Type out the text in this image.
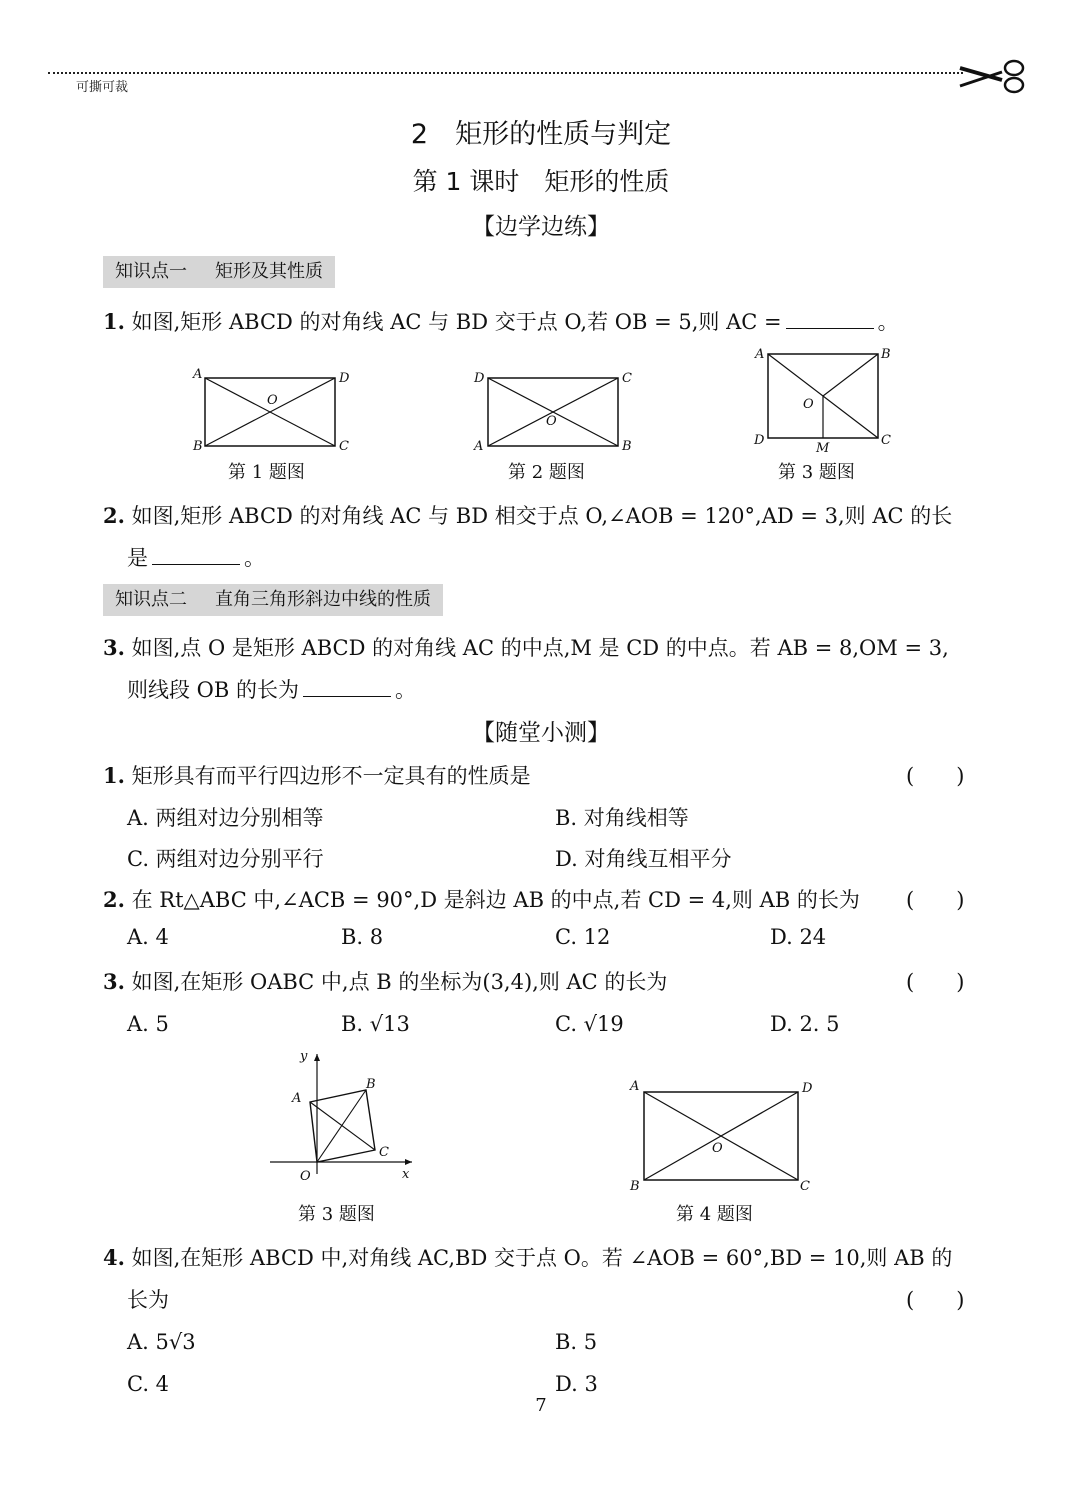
可撕可裁
2　矩形的性质与判定
第 1 课时　矩形的性质
【边学边练】
知识点一 矩形及其性质
1. 如图,矩形 ABCD 的对角线 AC 与 BD 交于点 O,若 OB = 5,则 AC =	。
A	D
B	C
O
第 1 题图
D	C
A	B
O
第 2 题图
A	B
D	C
O
M
第 3 题图
2. 如图,矩形 ABCD 的对角线 AC 与 BD 相交于点 O,∠AOB = 120°,AD = 3,则 AC 的长
是	。
知识点二 直角三角形斜边中线的性质
3. 如图,点 O 是矩形 ABCD 的对角线 AC 的中点,M 是 CD 的中点。若 AB = 8,OM = 3,
则线段 OB 的长为	。
【随堂小测】
1. 矩形具有而平行四边形不一定具有的性质是	(　　)
A. 两组对边分别相等	B. 对角线相等
C. 两组对边分别平行	D. 对角线互相平分
2. 在 Rt△ABC 中,∠ACB = 90°,D 是斜边 AB 的中点,若 CD = 4,则 AB 的长为 (　　)
A. 4	B. 8	C. 12	D. 24
3. 如图,在矩形 OABC 中,点 B 的坐标为(3,4),则 AC 的长为	(　　)
A. 5	B. √13	C. √19	D. 2. 5
y
x
O
A
B
C
第 3 题图
A	D
B	C
O
第 4 题图
4. 如图,在矩形 ABCD 中,对角线 AC,BD 交于点 O。若 ∠AOB = 60°,BD = 10,则 AB 的
长为	(　　)
A. 5√3	B. 5
C. 4	D. 3
7
